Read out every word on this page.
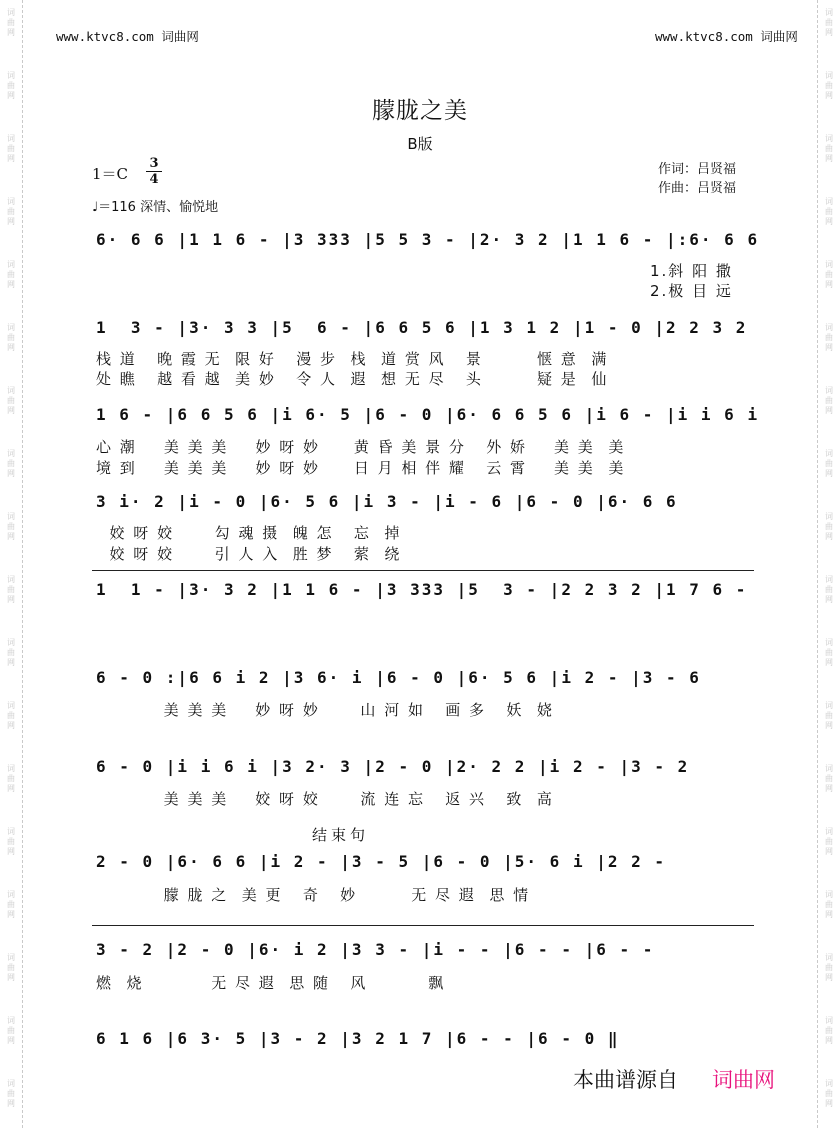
词
曲
网
词
曲
网
词
曲
网
词
曲
网
词
曲
网
词
曲
网
词
曲
网
词
曲
网
词
曲
网
词
曲
网
词
曲
网
词
曲
网
词
曲
网
词
曲
网
词
曲
网
词
曲
网
词
曲
网
词
曲
网
词
曲
网
词
曲
网
词
曲
网
词
曲
网
词
曲
网
词
曲
网
词
曲
网
词
曲
网
词
曲
网
词
曲
网
词
曲
网
词
曲
网
词
曲
网
词
曲
网
词
曲
网
词
曲
网
词
曲
网
词
曲
网
www.ktvc8.com 词曲网	www.ktvc8.com 词曲网
朦胧之美
B版
1＝C
3
4
♩＝116 深情、愉悦地
作词：吕贤福
作曲：吕贤福
6· 6 6 |1 1 6 - |3 333 |5 5 3 - |2· 3 2 |1 1 6 - |:6· 6 6
1.斜 阳 撒
2.极 目 远
1  3 - |3· 3 3 |5  6 - |6 6 5 6 |1 3 1 2 |1 - 0 |2 2 3 2
栈 道   晚 霞 无  限 好   漫 步  栈  道 赏 风   景        惬 意  满
处 瞧   越 看 越  美 妙   令 人  遐  想 无 尽   头        疑 是  仙
1 6 - |6 6 5 6 |i 6· 5 |6 - 0 |6· 6 6 5 6 |i 6 - |i i 6 i
心 潮    美 美 美    妙 呀 妙     黄 昏 美 景 分   外 娇    美 美  美
境 到    美 美 美    妙 呀 妙     日 月 相 伴 耀   云 霄    美 美  美
3 i· 2 |i - 0 |6· 5 6 |i 3 - |i - 6 |6 - 0 |6· 6 6
姣 呀 姣      勾 魂 摄  魄 怎   忘  掉
姣 呀 姣      引 人 入  胜 梦   萦  绕
1  1 - |3· 3 2 |1 1 6 - |3 333 |5  3 - |2 2 3 2 |1 7 6 -
6 - 0 :|6 6 i 2 |3 6· i |6 - 0 |6· 5 6 |i 2 - |3 - 6
美 美 美    妙 呀 妙      山 河 如   画 多   妖  娆
6 - 0 |i i 6 i |3 2· 3 |2 - 0 |2· 2 2 |i 2 - |3 - 2
美 美 美    姣 呀 姣      流 连 忘   返 兴   致  高
结束句
2 - 0 |6· 6 6 |i 2 - |3 - 5 |6 - 0 |5· 6 i |2 2 -
朦 胧 之  美 更   奇   妙        无 尽 遐  思 情
3 - 2 |2 - 0 |6· i 2 |3 3 - |i - - |6 - - |6 - -
燃  烧          无 尽 遐  思 随   风         飘
6 1 6 |6 3· 5 |3 - 2 |3 2 1 7 |6 - - |6 - 0 ‖
本曲谱源自 词曲网
